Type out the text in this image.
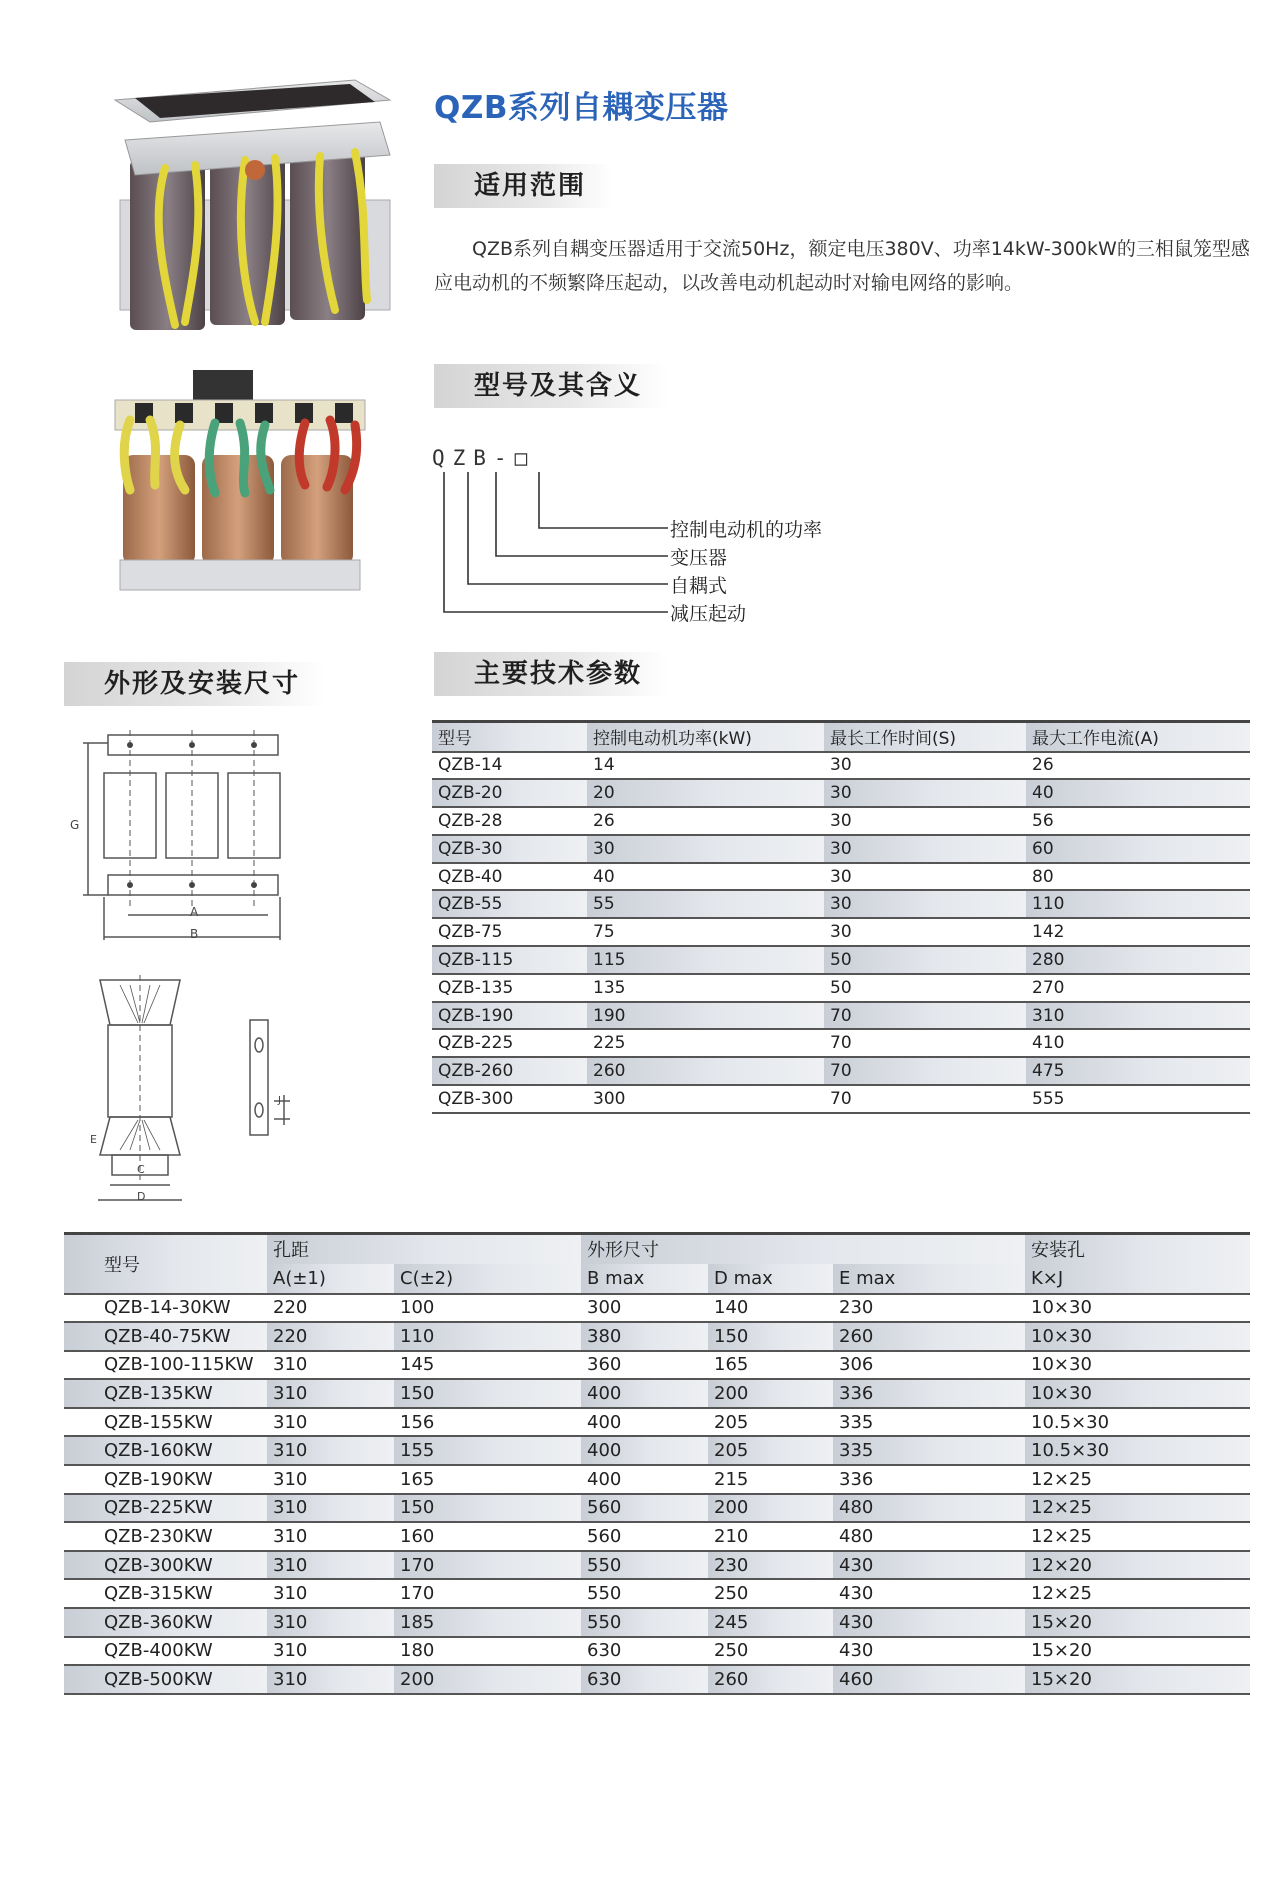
QZB系列自耦变压器
适用范围
QZB系列自耦变压器适用于交流50Hz，额定电压380V、功率14kW-300kW的三相鼠笼型感应电动机的不频繁降压起动，以改善电动机起动时对输电网络的影响。
型号及其含义
QZB-□
控制电动机的功率
变压器
自耦式
减压起动
外形及安装尺寸	主要技术参数
G
A
B
E
C
D
J
型号	控制电动机功率(kW)	最长工作时间(S)	最大工作电流(A)
QZB-14	14	30	26
QZB-20	20	30	40
QZB-28	26	30	56
QZB-30	30	30	60
QZB-40	40	30	80
QZB-55	55	30	110
QZB-75	75	30	142
QZB-115	115	50	280
QZB-135	135	50	270
QZB-190	190	70	310
QZB-225	225	70	410
QZB-260	260	70	475
QZB-300	300	70	555
型号	孔距		外形尺寸			安装孔
	A(±1)	C(±2)	B max	D max	E max	K×J
QZB-14-30KW	220	100	300	140	230	10×30
QZB-40-75KW	220	110	380	150	260	10×30
QZB-100-115KW	310	145	360	165	306	10×30
QZB-135KW	310	150	400	200	336	10×30
QZB-155KW	310	156	400	205	335	10.5×30
QZB-160KW	310	155	400	205	335	10.5×30
QZB-190KW	310	165	400	215	336	12×25
QZB-225KW	310	150	560	200	480	12×25
QZB-230KW	310	160	560	210	480	12×25
QZB-300KW	310	170	550	230	430	12×20
QZB-315KW	310	170	550	250	430	12×25
QZB-360KW	310	185	550	245	430	15×20
QZB-400KW	310	180	630	250	430	15×20
QZB-500KW	310	200	630	260	460	15×20
